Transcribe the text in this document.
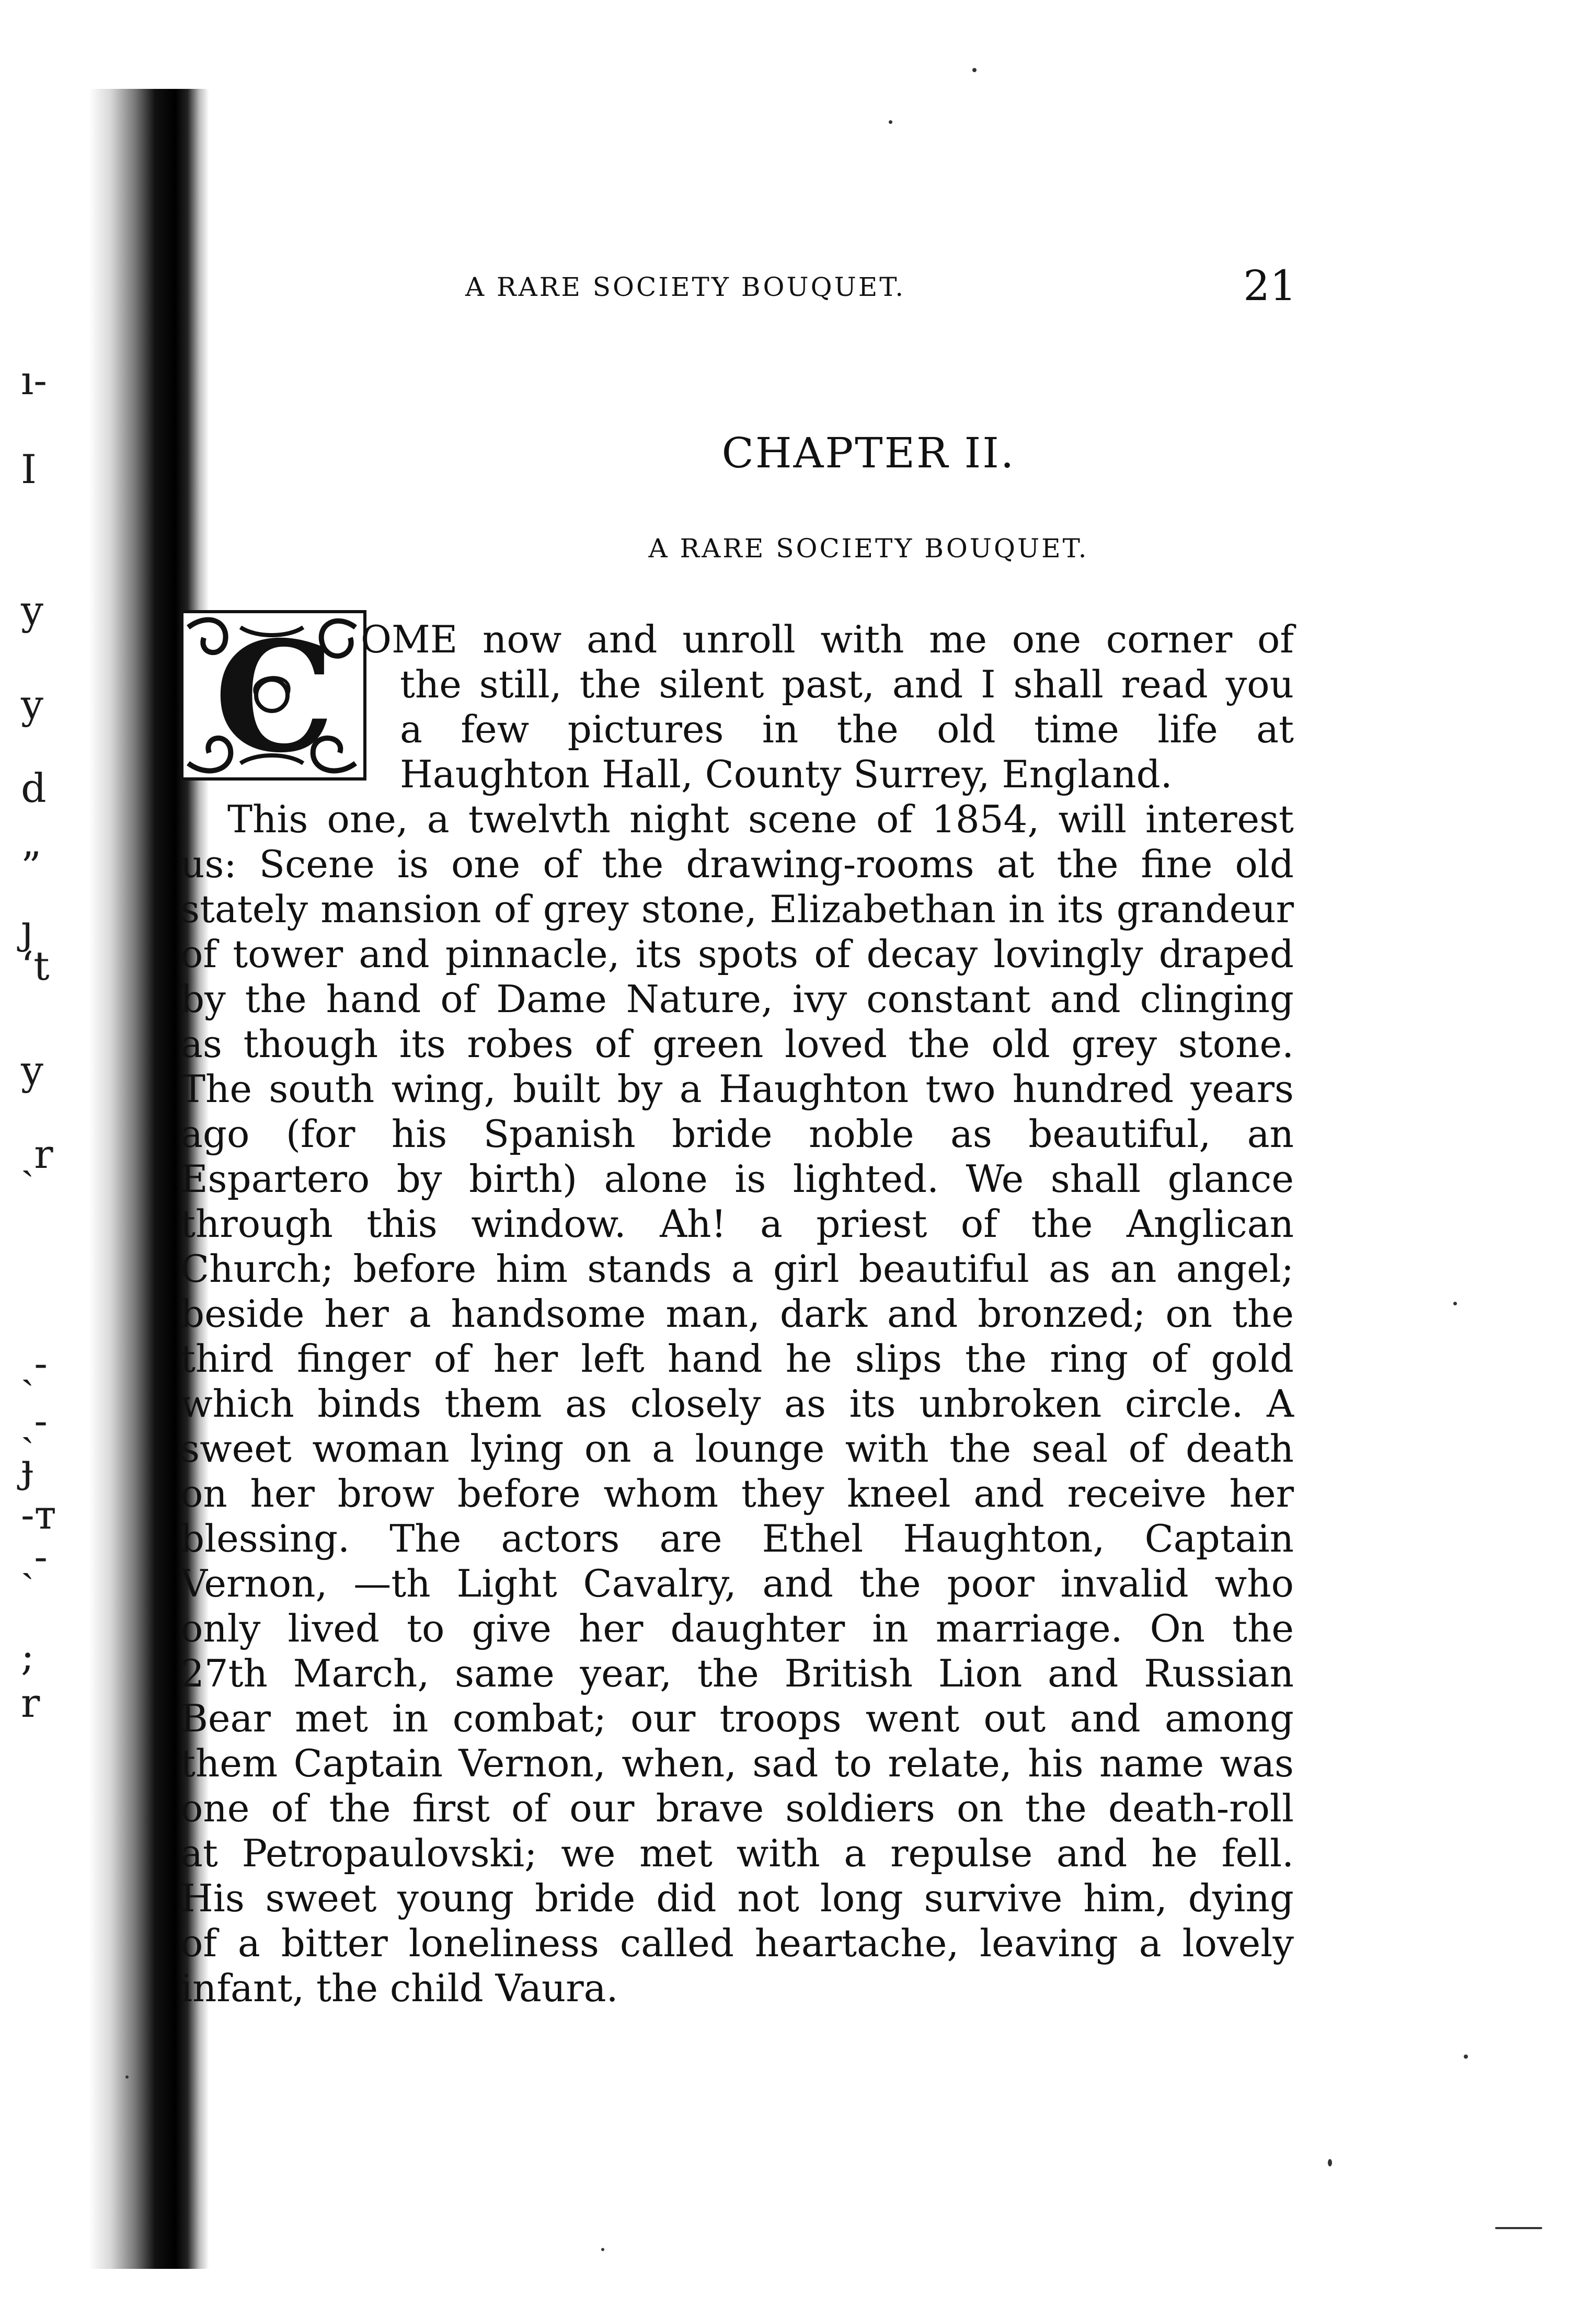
ı-
I
y
y
d
”
ȷ
‘t
y
ˏr
ˏ-
ˏ-
ɟ
‐т
ˏ-
;
r
A RARE SOCIETY BOUQUET.	21
CHAPTER II.
A RARE SOCIETY BOUQUET.
C OME now and unroll with me one corner of
the still, the silent past, and I shall read you
a few pictures in the old time life at
Haughton Hall, County Surrey, England.
This one, a twelvth night scene of 1854, will interest
us: Scene is one of the drawing-rooms at the fine old
stately mansion of grey stone, Elizabethan in its grandeur
of tower and pinnacle, its spots of decay lovingly draped
by the hand of Dame Nature, ivy constant and clinging
as though its robes of green loved the old grey stone.
The south wing, built by a Haughton two hundred years
ago (for his Spanish bride noble as beautiful, an
Espartero by birth) alone is lighted. We shall glance
through this window. Ah! a priest of the Anglican
Church; before him stands a girl beautiful as an angel;
beside her a handsome man, dark and bronzed; on the
third finger of her left hand he slips the ring of gold
which binds them as closely as its unbroken circle. A
sweet woman lying on a lounge with the seal of death
on her brow before whom they kneel and receive her
blessing. The actors are Ethel Haughton, Captain
Vernon, —th Light Cavalry, and the poor invalid who
only lived to give her daughter in marriage. On the
27th March, same year, the British Lion and Russian
Bear met in combat; our troops went out and among
them Captain Vernon, when, sad to relate, his name was
one of the first of our brave soldiers on the death-roll
at Petropaulovski; we met with a repulse and he fell.
His sweet young bride did not long survive him, dying
of a bitter loneliness called heartache, leaving a lovely
infant, the child Vaura.
